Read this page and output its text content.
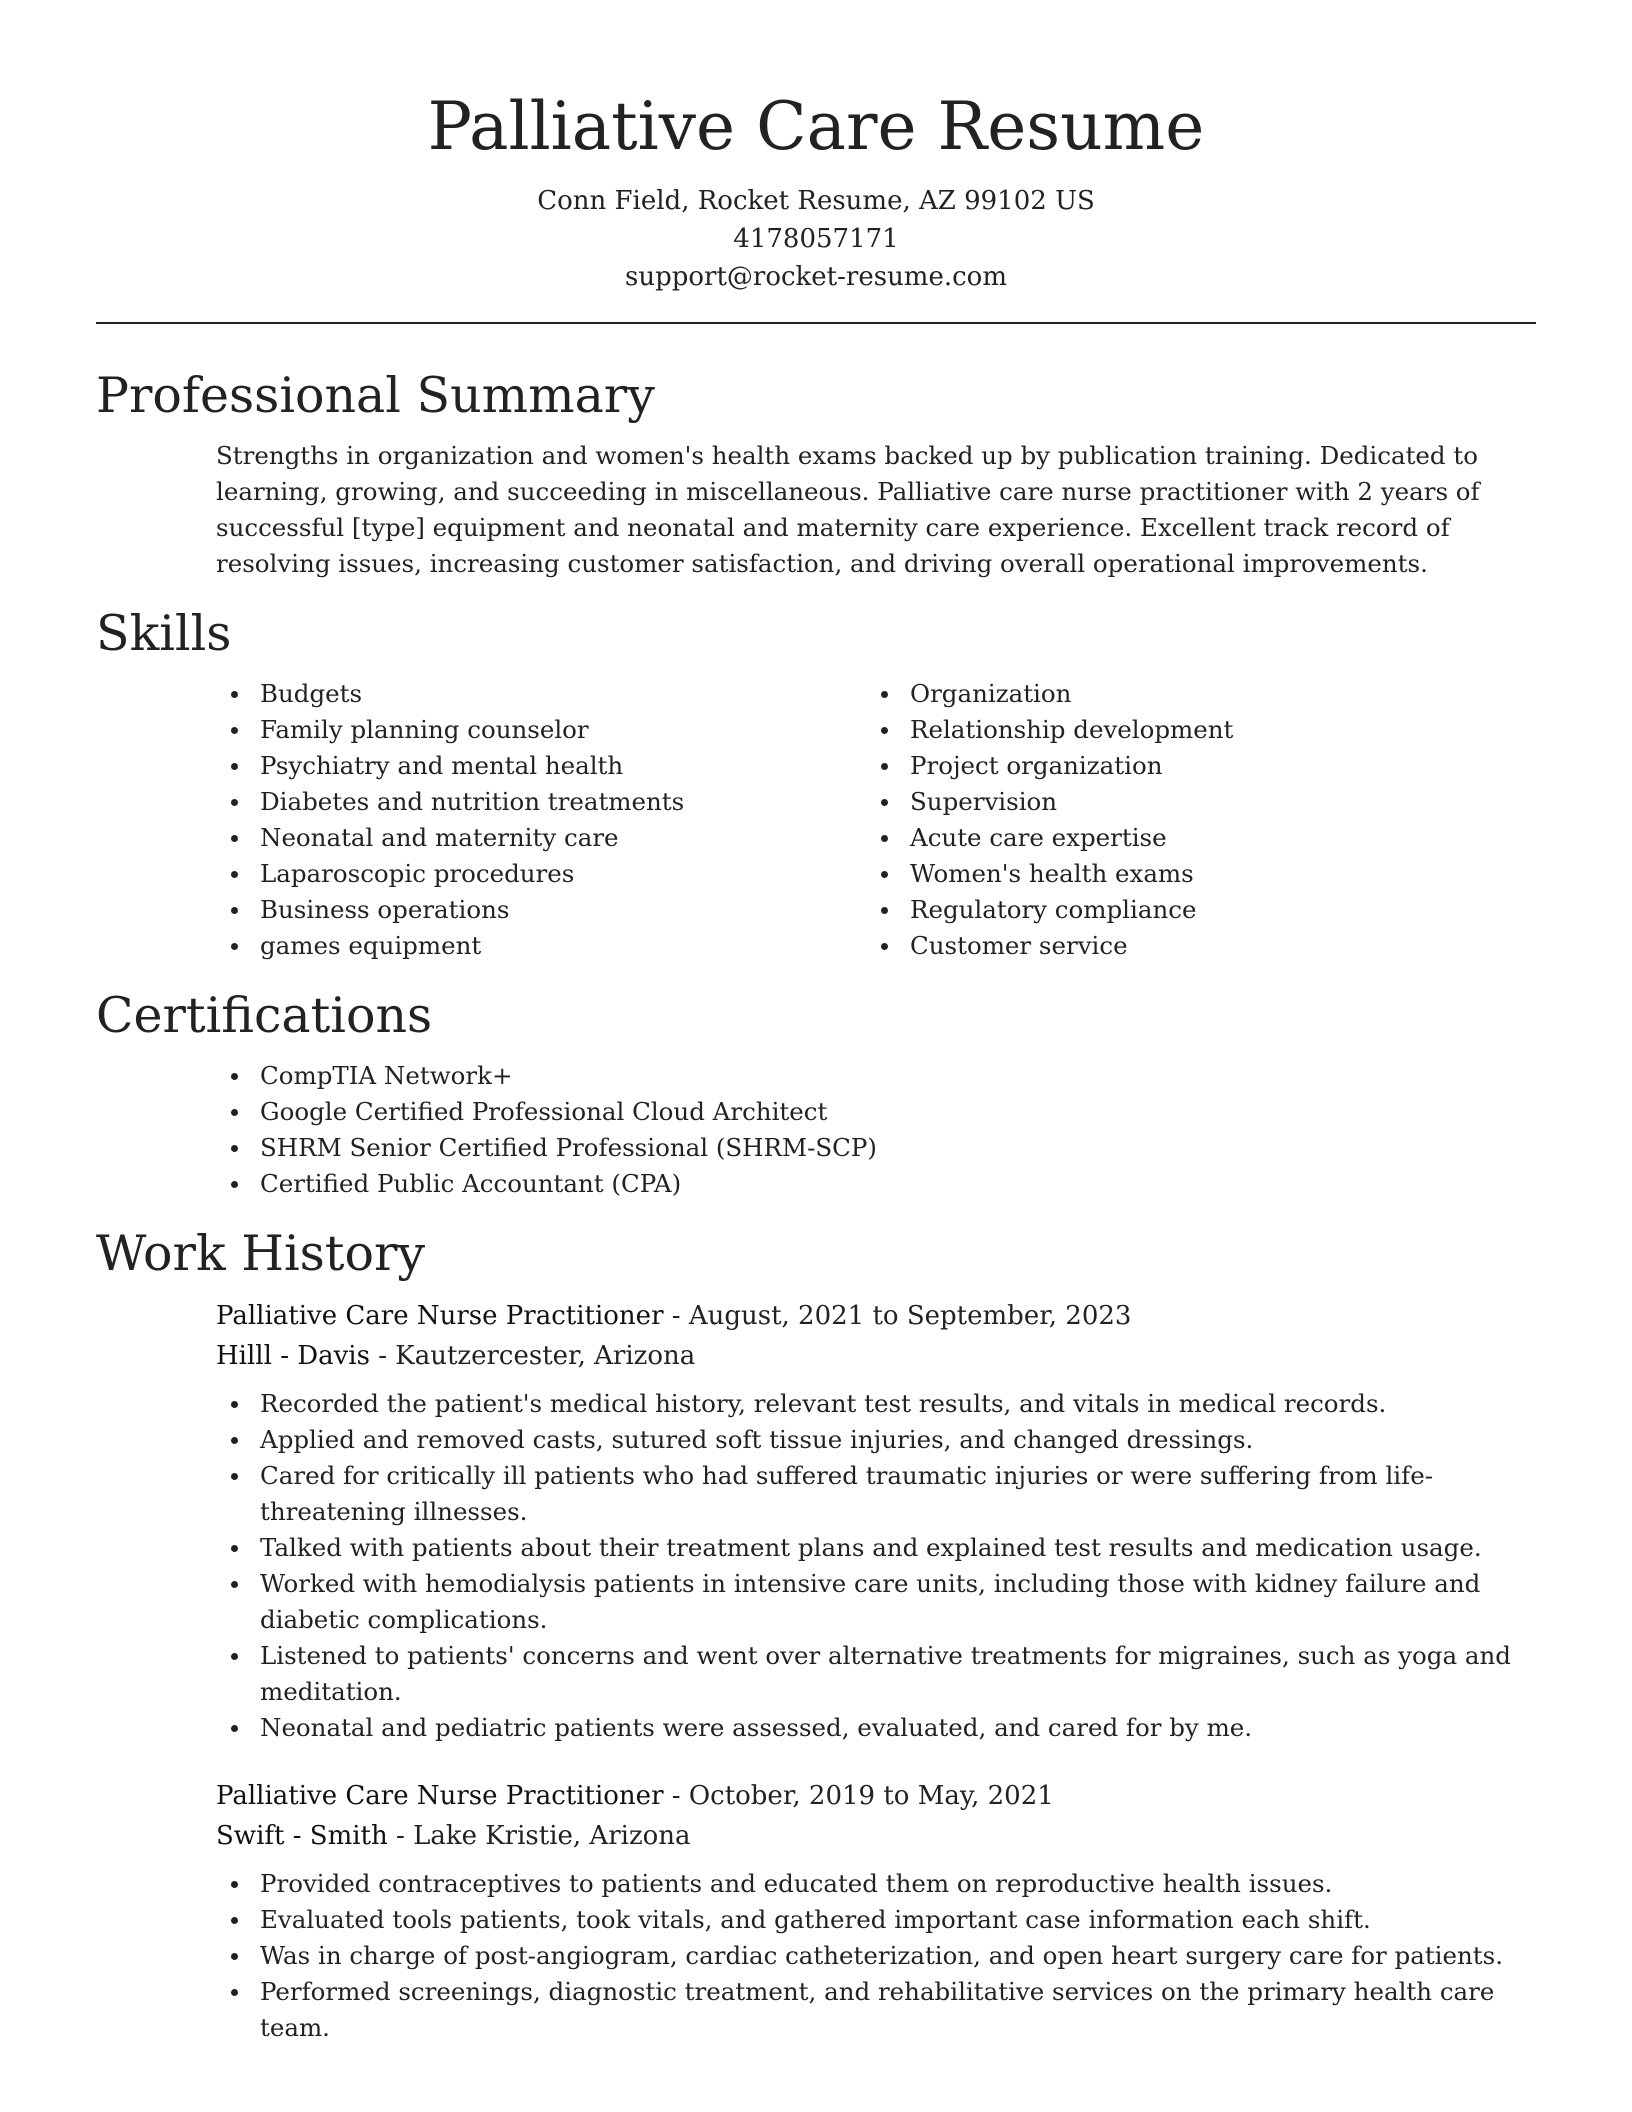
Palliative Care Resume
Conn Field, Rocket Resume, AZ 99102 US
4178057171
support@rocket-resume.com
Professional Summary

Strengths in organization and women's health exams backed up by publication training. Dedicated to learning, growing, and succeeding in miscellaneous. Palliative care nurse practitioner with 2 years of successful [type] equipment and neonatal and maternity care experience. Excellent track record of resolving issues, increasing customer satisfaction, and driving overall operational improvements.

Skills
Budgets
Family planning counselor
Psychiatry and mental health
Diabetes and nutrition treatments
Neonatal and maternity care
Laparoscopic procedures
Business operations
games equipment
Organization
Relationship development
Project organization
Supervision
Acute care expertise
Women's health exams
Regulatory compliance
Customer service
Certifications
CompTIA Network+
Google Certified Professional Cloud Architect
SHRM Senior Certified Professional (SHRM-SCP)
Certified Public Accountant (CPA)
Work History
Palliative Care Nurse Practitioner - August, 2021 to September, 2023
Hilll - Davis - Kautzercester, Arizona
Recorded the patient's medical history, relevant test results, and vitals in medical records.
Applied and removed casts, sutured soft tissue injuries, and changed dressings.
Cared for critically ill patients who had suffered traumatic injuries or were suffering from life-threatening illnesses.
Talked with patients about their treatment plans and explained test results and medication usage.
Worked with hemodialysis patients in intensive care units, including those with kidney failure and diabetic complications.
Listened to patients' concerns and went over alternative treatments for migraines, such as yoga and meditation.
Neonatal and pediatric patients were assessed, evaluated, and cared for by me.
Palliative Care Nurse Practitioner - October, 2019 to May, 2021
Swift - Smith - Lake Kristie, Arizona
Provided contraceptives to patients and educated them on reproductive health issues.
Evaluated tools patients, took vitals, and gathered important case information each shift.
Was in charge of post-angiogram, cardiac catheterization, and open heart surgery care for patients.
Performed screenings, diagnostic treatment, and rehabilitative services on the primary health care team.
